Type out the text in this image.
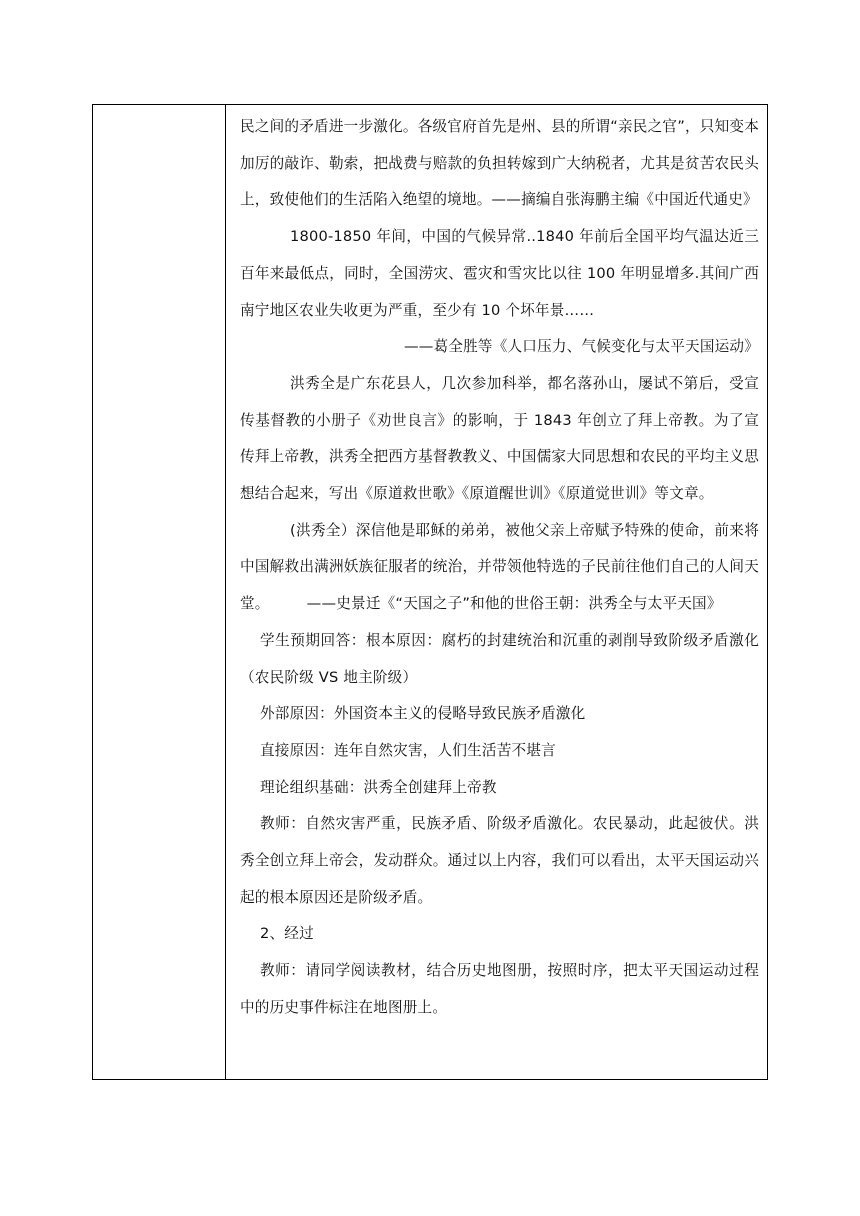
民之间的矛盾进一步激化。各级官府首先是州、县的所谓“亲民之官”，只知变本加厉的敲诈、勒索，把战费与赔款的负担转嫁到广大纳税者，尤其是贫苦农民头上，致使他们的生活陷入绝望的境地。——摘编自张海鹏主编《中国近代通史》

1800-1850 年间，中国的气候异常..1840 年前后全国平均气温达近三百年来最低点，同时，全国涝灾、雹灾和雪灾比以往 100 年明显增多.其间广西南宁地区农业失收更为严重，至少有 10 个坏年景……

——葛全胜等《人口压力、气候变化与太平天国运动》

洪秀全是广东花县人，几次参加科举，都名落孙山，屡试不第后，受宣传基督教的小册子《劝世良言》的影响，于 1843 年创立了拜上帝教。为了宣传拜上帝教，洪秀全把西方基督教教义、中国儒家大同思想和农民的平均主义思想结合起来，写出《原道救世歌》《原道醒世训》《原道觉世训》等文章。

(洪秀全）深信他是耶稣的弟弟，被他父亲上帝赋予特殊的使命，前来将中国解救出满洲妖族征服者的统治，并带领他特选的子民前往他们自己的人间天堂。　　　——史景迁《“天国之子”和他的世俗王朝：洪秀全与太平天国》

学生预期回答：根本原因：腐朽的封建统治和沉重的剥削导致阶级矛盾激化（农民阶级 VS 地主阶级）

外部原因：外国资本主义的侵略导致民族矛盾激化

直接原因：连年自然灾害，人们生活苦不堪言

理论组织基础：洪秀全创建拜上帝教

教师：自然灾害严重，民族矛盾、阶级矛盾激化。农民暴动，此起彼伏。洪秀全创立拜上帝会，发动群众。通过以上内容，我们可以看出，太平天国运动兴起的根本原因还是阶级矛盾。

2、经过

教师：请同学阅读教材，结合历史地图册，按照时序，把太平天国运动过程中的历史事件标注在地图册上。
